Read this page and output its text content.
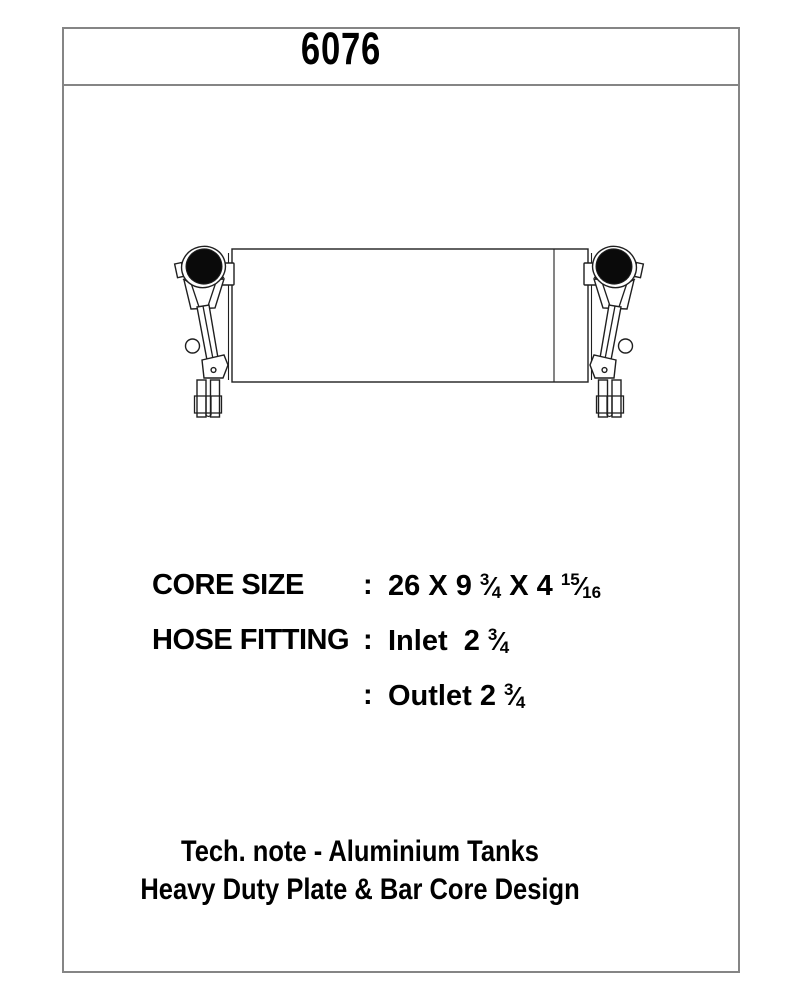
6076
CORE SIZE : 26 X 9 $^3$⁄4 X 4 $^{15}$⁄16
HOSE FITTING : Inlet  2 $^3$⁄4
: Outlet 2 $^3$⁄4
Tech. note - Aluminium Tanks
Heavy Duty Plate & Bar Core Design
